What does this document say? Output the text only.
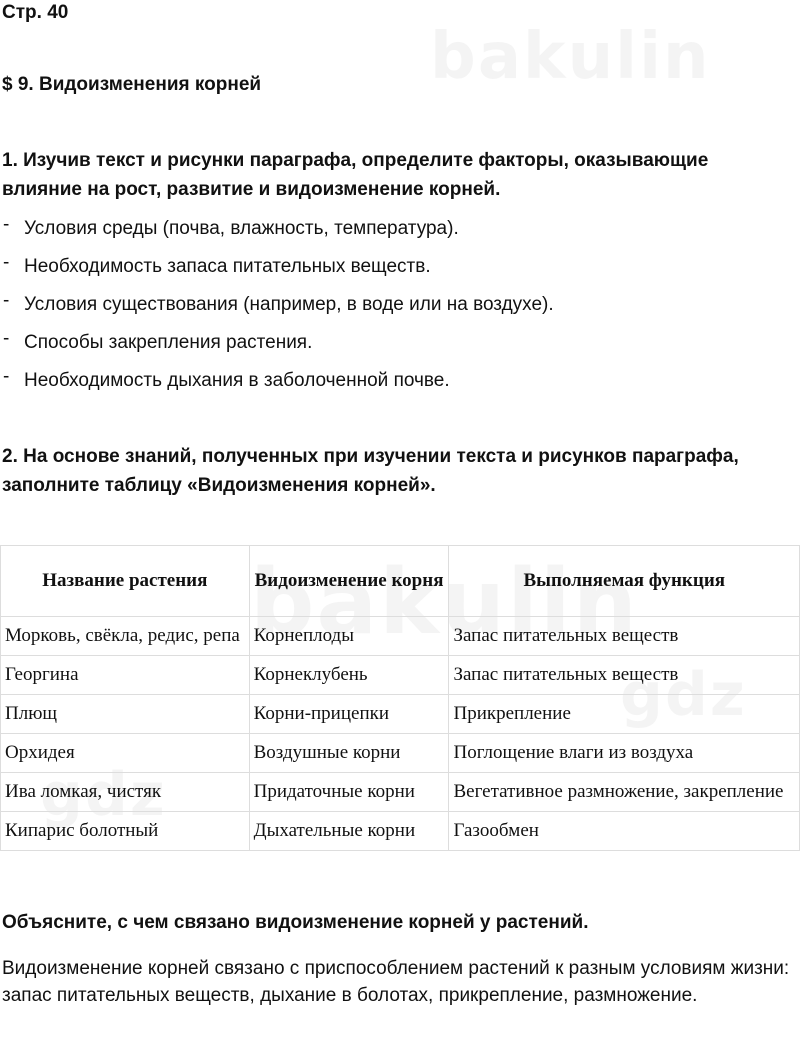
Стр. 40

$ 9. Видоизменения корней

1. Изучив текст и рисунки параграфа, определите факторы, оказывающие влияние на рост, развитие и видоизменение корней.

- Условия среды (почва, влажность, температура).
- Необходимость запаса питательных веществ.
- Условия существования (например, в воде или на воздухе).
- Способы закрепления растения.
- Необходимость дыхания в заболоченной почве.

2. На основе знаний, полученных при изучении текста и рисунков параграфа, заполните таблицу «Видоизменения корней».

Название растения	Видоизменение корня	Выполняемая функция
Морковь, свёкла, редис, репа	Корнеплоды	Запас питательных веществ
Георгина	Корнеклубень	Запас питательных веществ
Плющ	Корни-прицепки	Прикрепление
Орхидея	Воздушные корни	Поглощение влаги из воздуха
Ива ломкая, чистяк	Придаточные корни	Вегетативное размножение, закрепление
Кипарис болотный	Дыхательные корни	Газообмен

Объясните, с чем связано видоизменение корней у растений.

Видоизменение корней связано с приспособлением растений к разным условиям жизни: запас питательных веществ, дыхание в болотах, прикрепление, размножение.
